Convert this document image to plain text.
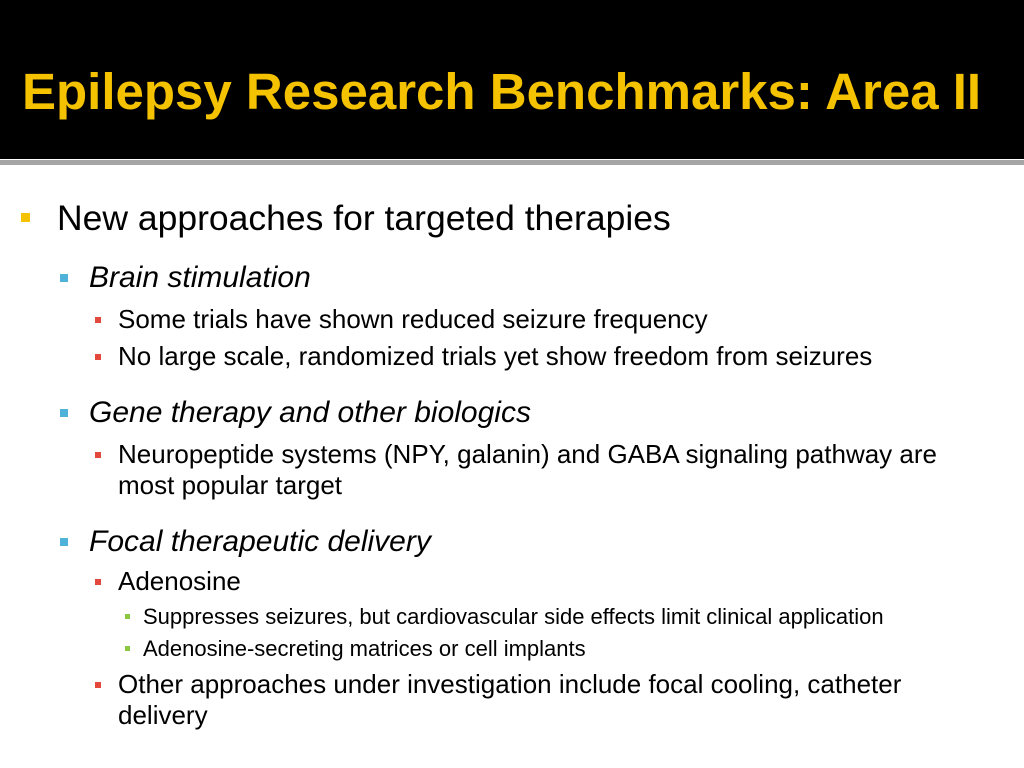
Epilepsy Research Benchmarks: Area II
New approaches for targeted therapies
Brain stimulation
Some trials have shown reduced seizure frequency
No large scale, randomized trials yet show freedom from seizures
Gene therapy and other biologics
Neuropeptide systems (NPY, galanin) and GABA signaling pathway are most popular target
Focal therapeutic delivery
Adenosine
Suppresses seizures, but cardiovascular side effects limit clinical application
Adenosine-secreting matrices or cell implants
Other approaches under investigation include focal cooling, catheter delivery
